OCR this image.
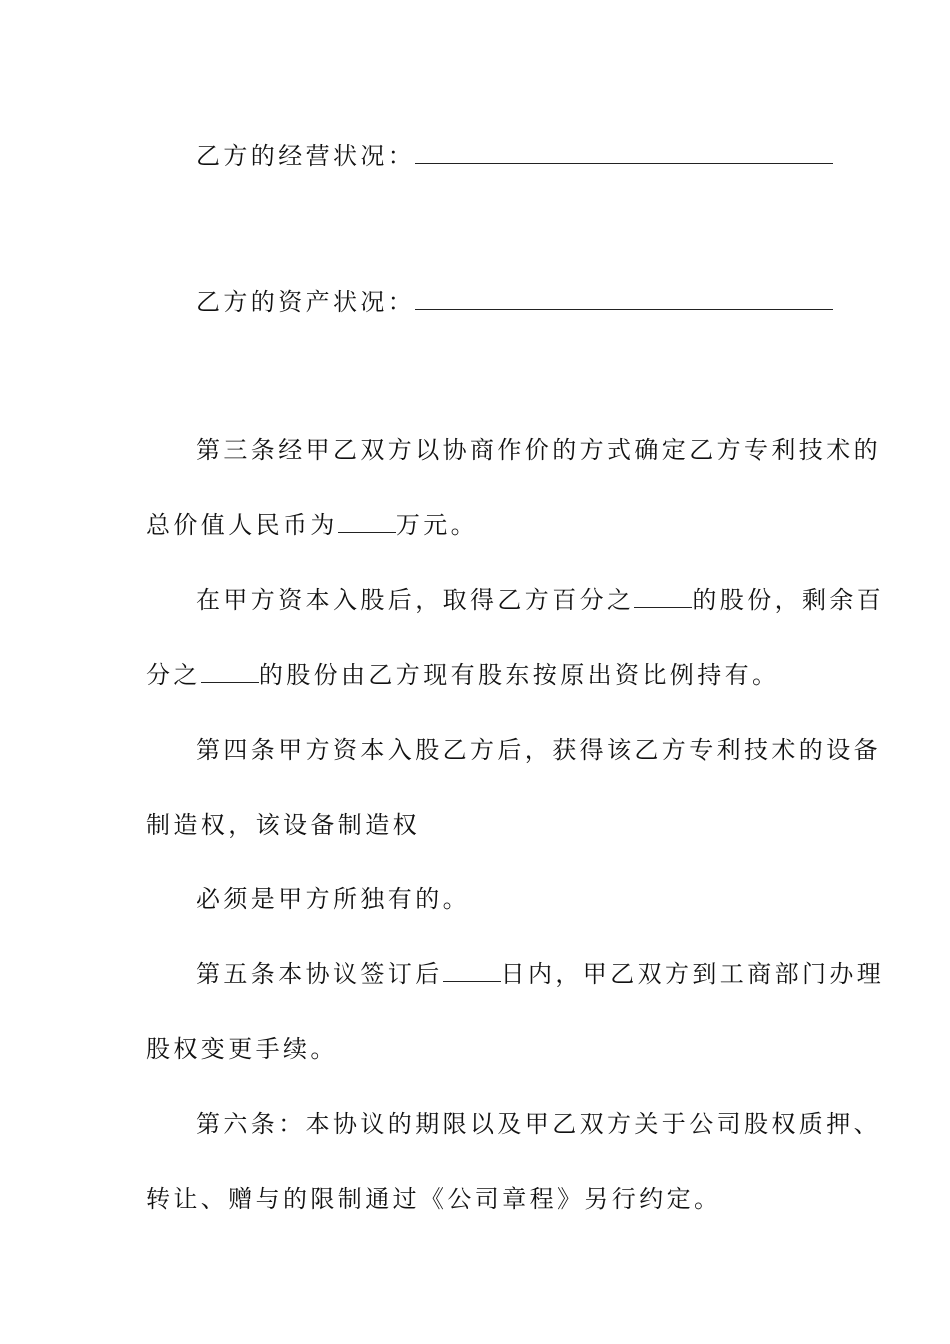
乙方的经营状况：
乙方的资产状况：
第三条经甲乙双方以协商作价的方式确定乙方专利技术的
总价值人民币为 万元。
在甲方资本入股后，取得乙方百分之 的股份，剩余百
分之 的股份由乙方现有股东按原出资比例持有。
第四条甲方资本入股乙方后，获得该乙方专利技术的设备
制造权，该设备制造权
必须是甲方所独有的。
第五条本协议签订后 日内，甲乙双方到工商部门办理
股权变更手续。
第六条：本协议的期限以及甲乙双方关于公司股权质押、
转让、赠与的限制通过《公司章程》另行约定。
